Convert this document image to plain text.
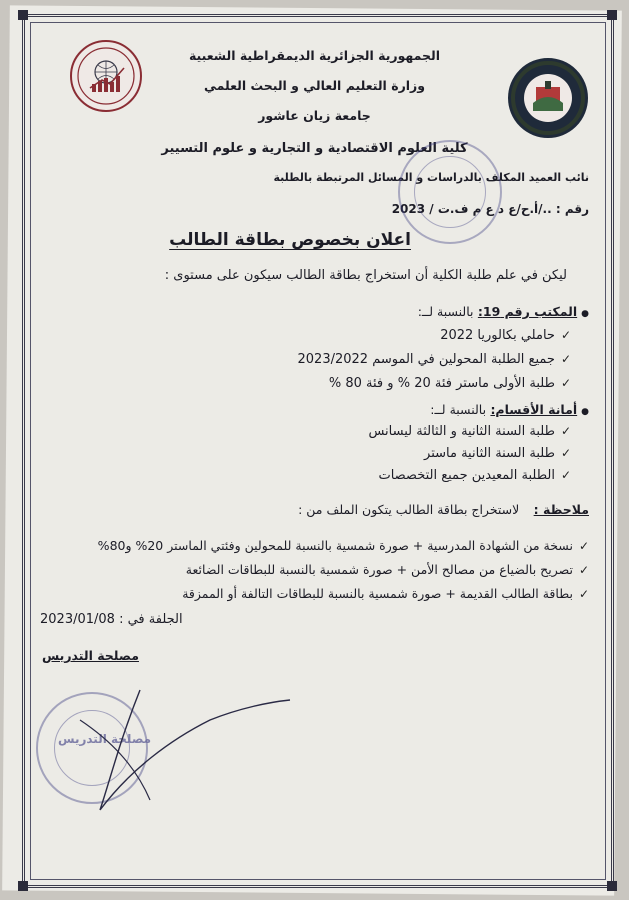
الجمهورية الجزائرية الديمقراطية الشعبية
وزارة التعليم العالي و البحث العلمي
جامعة زيان عاشور
كلية العلوم الاقتصادية و التجارية و علوم التسيير
نائب العميد المكلف بالدراسات و المسائل المرتبطة بالطلبة
رقم : ../أ.ح/ع د ع م ف.ت / 2023
اعلان بخصوص بطاقة الطالب
ليكن في علم طلبة الكلية أن استخراج بطاقة الطالب سيكون على مستوى :
●المكتب رقم 19: بالنسبة لــ:
✓حاملي بكالوريا 2022
✓جميع الطلبة المحولين في الموسم 2023/2022
✓طلبة الأولى ماستر فئة 20 % و فئة 80 %
●أمانة الأقسام: بالنسبة لــ:
✓طلبة السنة الثانية و الثالثة ليسانس
✓طلبة السنة الثانية ماستر
✓الطلبة المعيدين جميع التخصصات
ملاحظة : لاستخراج بطاقة الطالب يتكون الملف من :
✓نسخة من الشهادة المدرسية + صورة شمسية بالنسبة للمحولين وفئتي الماستر 20% و80%
✓تصريح بالضياع من مصالح الأمن + صورة شمسية بالنسبة للبطاقات الضائعة
✓بطاقة الطالب القديمة + صورة شمسية بالنسبة للبطاقات التالفة أو الممزقة
الجلفة في : 2023/01/08
مصلحة التدريس
مصلحة التدريس
